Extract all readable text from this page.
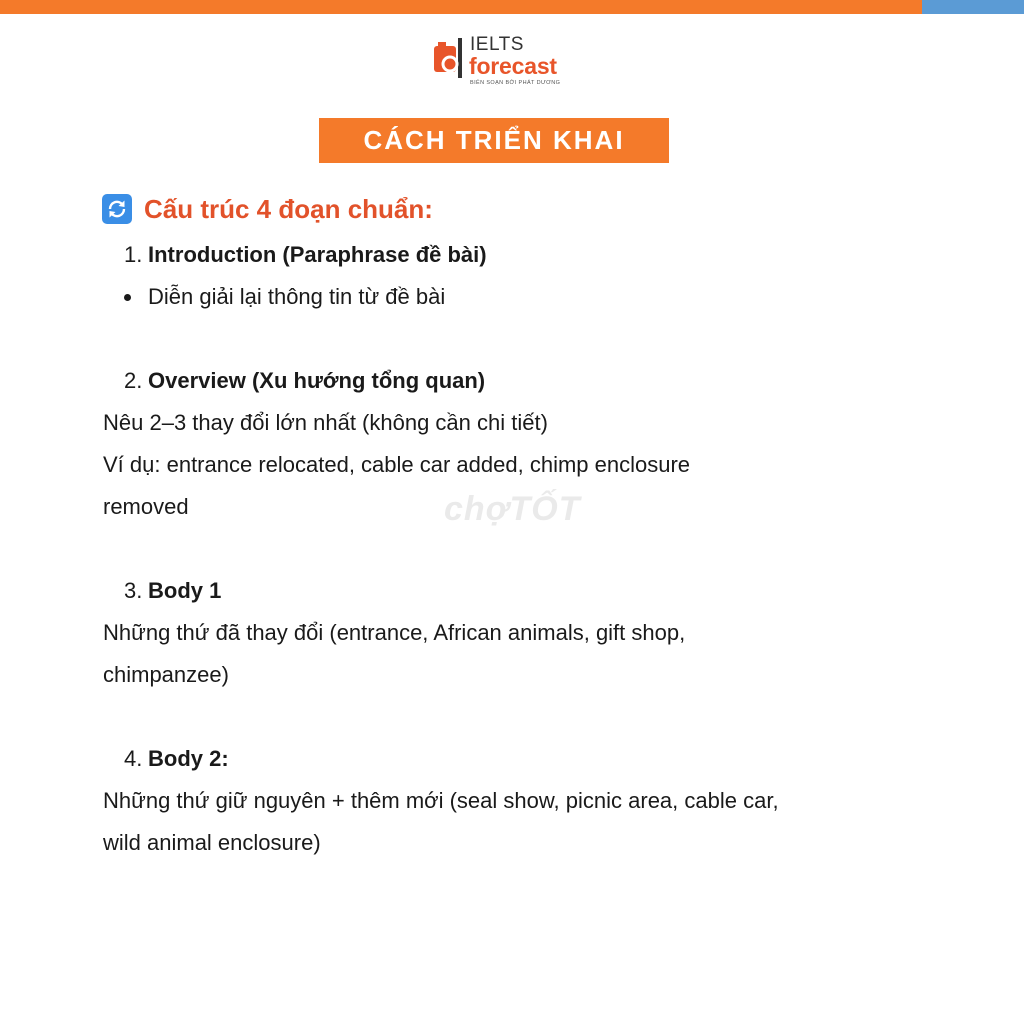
IELTS
forecast
BIÊN SOẠN BỞI PHÁT DƯƠNG
CÁCH TRIỂN KHAI
Cấu trúc 4 đoạn chuẩn:
1. Introduction (Paraphrase đề bài)
Diễn giải lại thông tin từ đề bài
2. Overview (Xu hướng tổng quan)
Nêu 2–3 thay đổi lớn nhất (không cần chi tiết)
Ví dụ: entrance relocated, cable car added, chimp enclosure
removed
3. Body 1
Những thứ đã thay đổi (entrance, African animals, gift shop,
chimpanzee)
4. Body 2:
Những thứ giữ nguyên + thêm mới (seal show, picnic area, cable car,
wild animal enclosure)
chợTỐT
